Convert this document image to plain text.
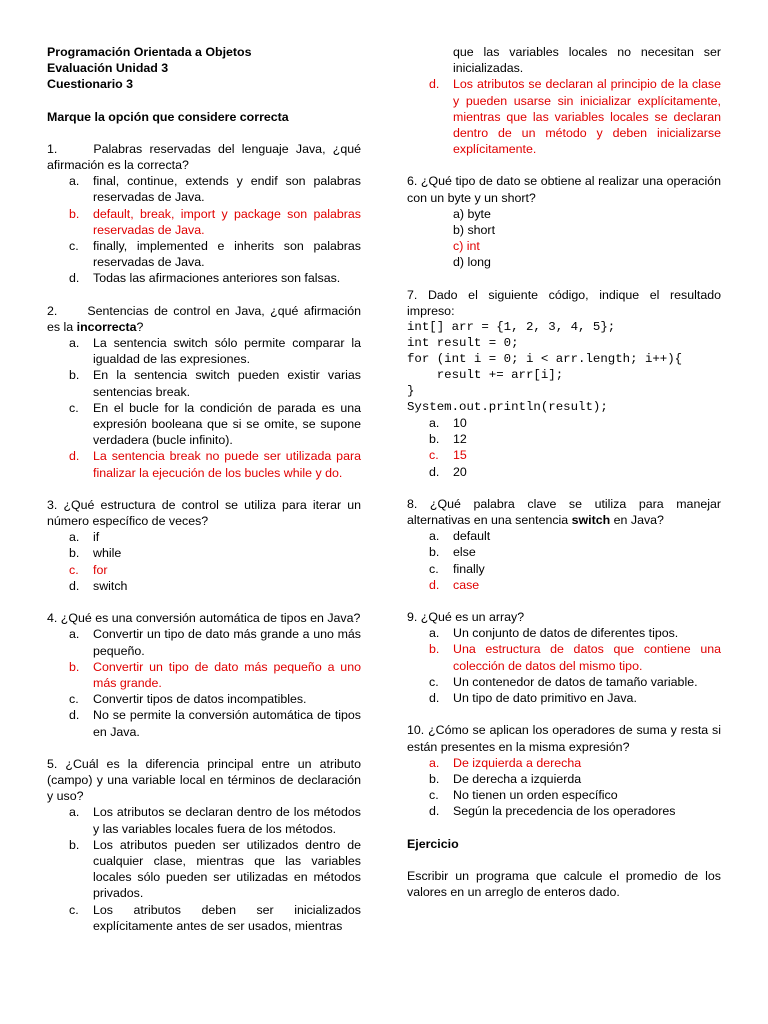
Programación Orientada a Objetos
Evaluación Unidad 3
Cuestionario 3
Marque la opción que considere correcta
1.	Palabras reservadas del lenguaje Java, ¿qué afirmación es la correcta?
a. final, continue, extends y endif son palabras reservadas de Java.
b. default, break, import y package son palabras reservadas de Java.
c. finally, implemented e inherits son palabras reservadas de Java.
d. Todas las afirmaciones anteriores son falsas.
2. Sentencias de control en Java, ¿qué afirmación es la incorrecta?
a. La sentencia switch sólo permite comparar la igualdad de las expresiones.
b. En la sentencia switch pueden existir varias sentencias break.
c. En el bucle for la condición de parada es una expresión booleana que si se omite, se supone verdadera (bucle infinito).
d. La sentencia break no puede ser utilizada para finalizar la ejecución de los bucles while y do.
3. ¿Qué estructura de control se utiliza para iterar un número específico de veces?
a. if
b. while
c. for
d. switch
4. ¿Qué es una conversión automática de tipos en Java?
a. Convertir un tipo de dato más grande a uno más pequeño.
b. Convertir un tipo de dato más pequeño a uno más grande.
c. Convertir tipos de datos incompatibles.
d. No se permite la conversión automática de tipos en Java.
5. ¿Cuál es la diferencia principal entre un atributo (campo) y una variable local en términos de declaración y uso?
a. Los atributos se declaran dentro de los métodos y las variables locales fuera de los métodos.
b. Los atributos pueden ser utilizados dentro de cualquier clase, mientras que las variables locales sólo pueden ser utilizadas en métodos privados.
c. Los atributos deben ser inicializados explícitamente antes de ser usados, mientras
que las variables locales no necesitan ser inicializadas.
d. Los atributos se declaran al principio de la clase y pueden usarse sin inicializar explícitamente, mientras que las variables locales se declaran dentro de un método y deben inicializarse explícitamente.
6. ¿Qué tipo de dato se obtiene al realizar una operación con un byte y un short?
a) byte
b) short
c) int
d) long
7. Dado el siguiente código, indique el resultado impreso:
int[] arr = {1, 2, 3, 4, 5};
int result = 0;
for (int i = 0; i < arr.length; i++){
result += arr[i];
}
System.out.println(result);
a. 10
b. 12
c. 15
d. 20
8. ¿Qué palabra clave se utiliza para manejar alternativas en una sentencia switch en Java?
a. default
b. else
c. finally
d. case
9. ¿Qué es un array?
a. Un conjunto de datos de diferentes tipos.
b. Una estructura de datos que contiene una colección de datos del mismo tipo.
c. Un contenedor de datos de tamaño variable.
d. Un tipo de dato primitivo en Java.
10. ¿Cómo se aplican los operadores de suma y resta si están presentes en la misma expresión?
a. De izquierda a derecha
b. De derecha a izquierda
c. No tienen un orden específico
d. Según la precedencia de los operadores
Ejercicio
Escribir un programa que calcule el promedio de los valores en un arreglo de enteros dado.
